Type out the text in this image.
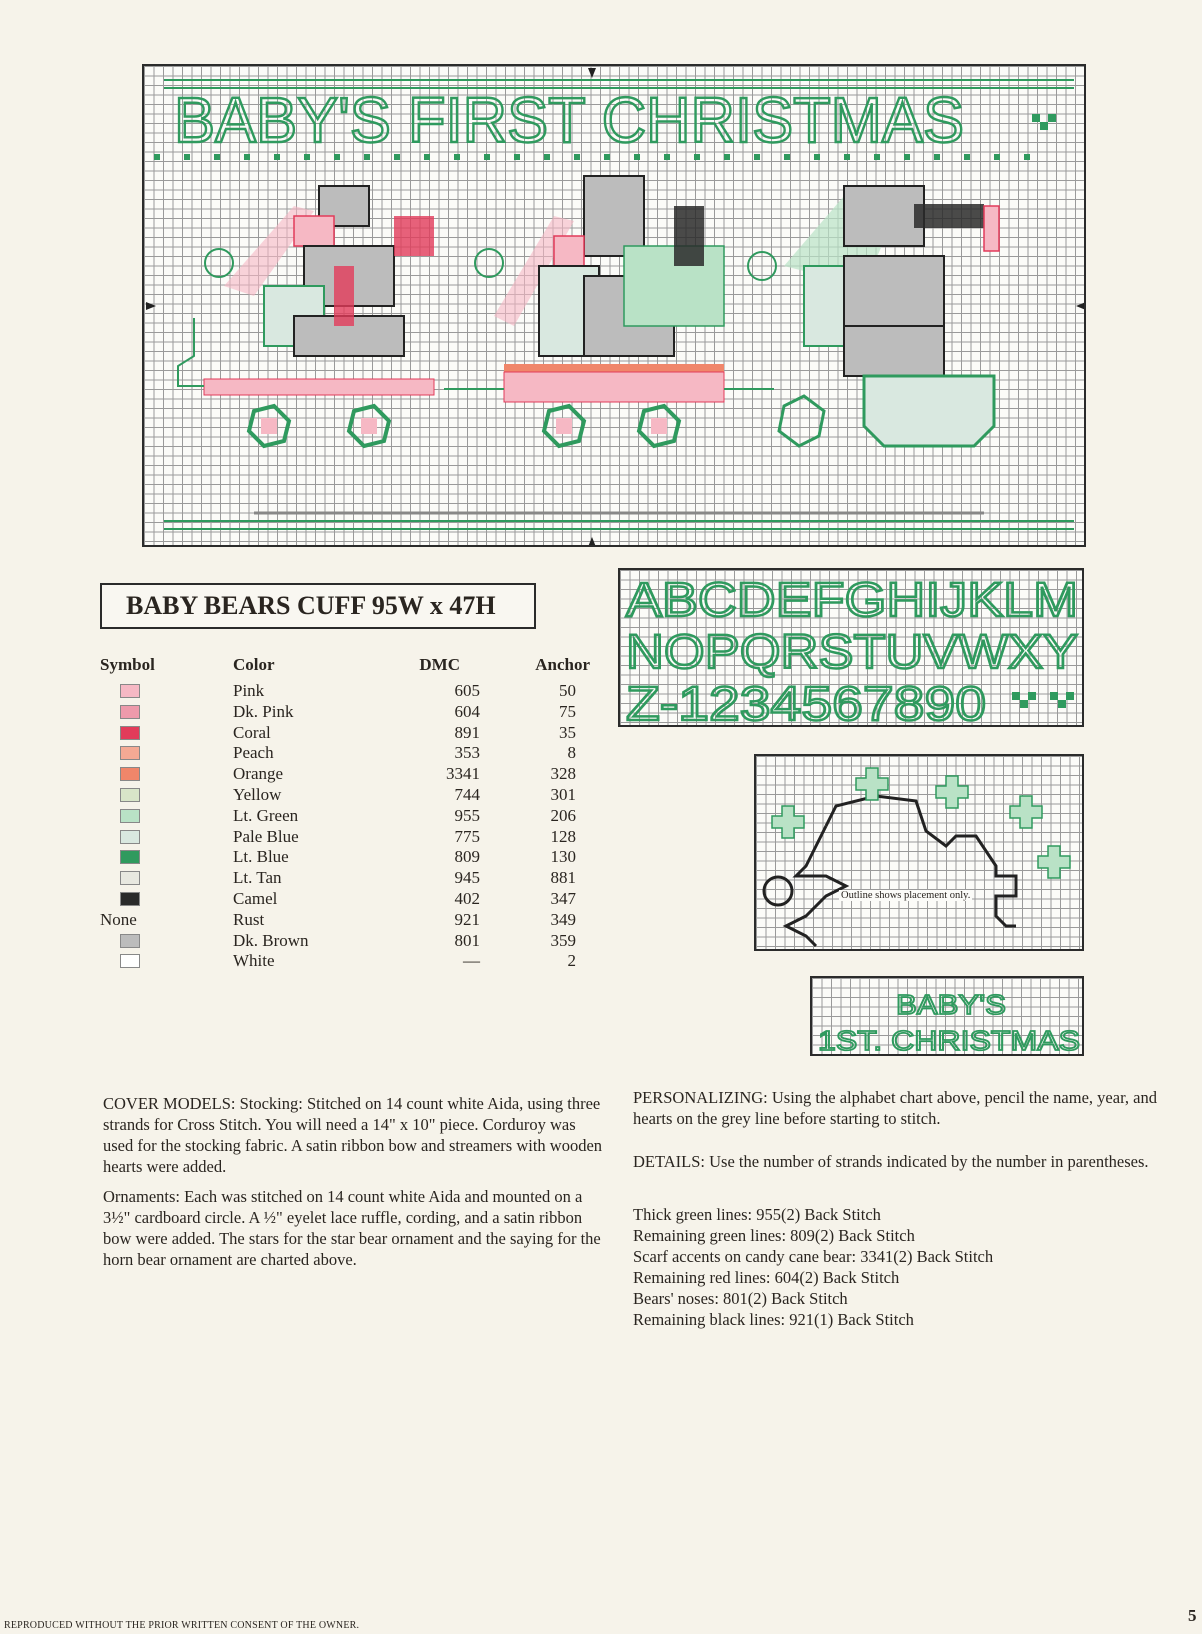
BABY'S FIRST CHRISTMAS
BABY BEARS CUFF 95W x 47H
Symbol	Color	DMC	Anchor
Pink	605	50
Dk. Pink	604	75
Coral	891	35
Peach	353	8
Orange	3341	328
Yellow	744	301
Lt. Green	955	206
Pale Blue	775	128
Lt. Blue	809	130
Lt. Tan	945	881
Camel	402	347
None	Rust	921	349
Dk. Brown	801	359
White	—	2
ABCDEFGHIJKLM
NOPQRSTUVWXY
Z-1234567890
Outline shows placement only.
BABY'S
1ST. CHRISTMAS

COVER MODELS: Stocking: Stitched on 14 count white Aida, using three strands for Cross Stitch. You will need a 14" x 10" piece. Corduroy was used for the stocking fabric. A satin ribbon bow and streamers with wooden hearts were added.

Ornaments: Each was stitched on 14 count white Aida and mounted on a 3½" cardboard circle. A ½" eyelet lace ruffle, cording, and a satin ribbon bow were added. The stars for the star bear ornament and the saying for the horn bear ornament are charted above.

PERSONALIZING: Using the alphabet chart above, pencil the name, year, and hearts on the grey line before starting to stitch.

DETAILS: Use the number of strands indicated by the number in parentheses.

Thick green lines: 955(2) Back Stitch
Remaining green lines: 809(2) Back Stitch
Scarf accents on candy cane bear: 3341(2) Back Stitch
Remaining red lines: 604(2) Back Stitch
Bears' noses: 801(2) Back Stitch
Remaining black lines: 921(1) Back Stitch
5
REPRODUCED WITHOUT THE PRIOR WRITTEN CONSENT OF THE OWNER.
